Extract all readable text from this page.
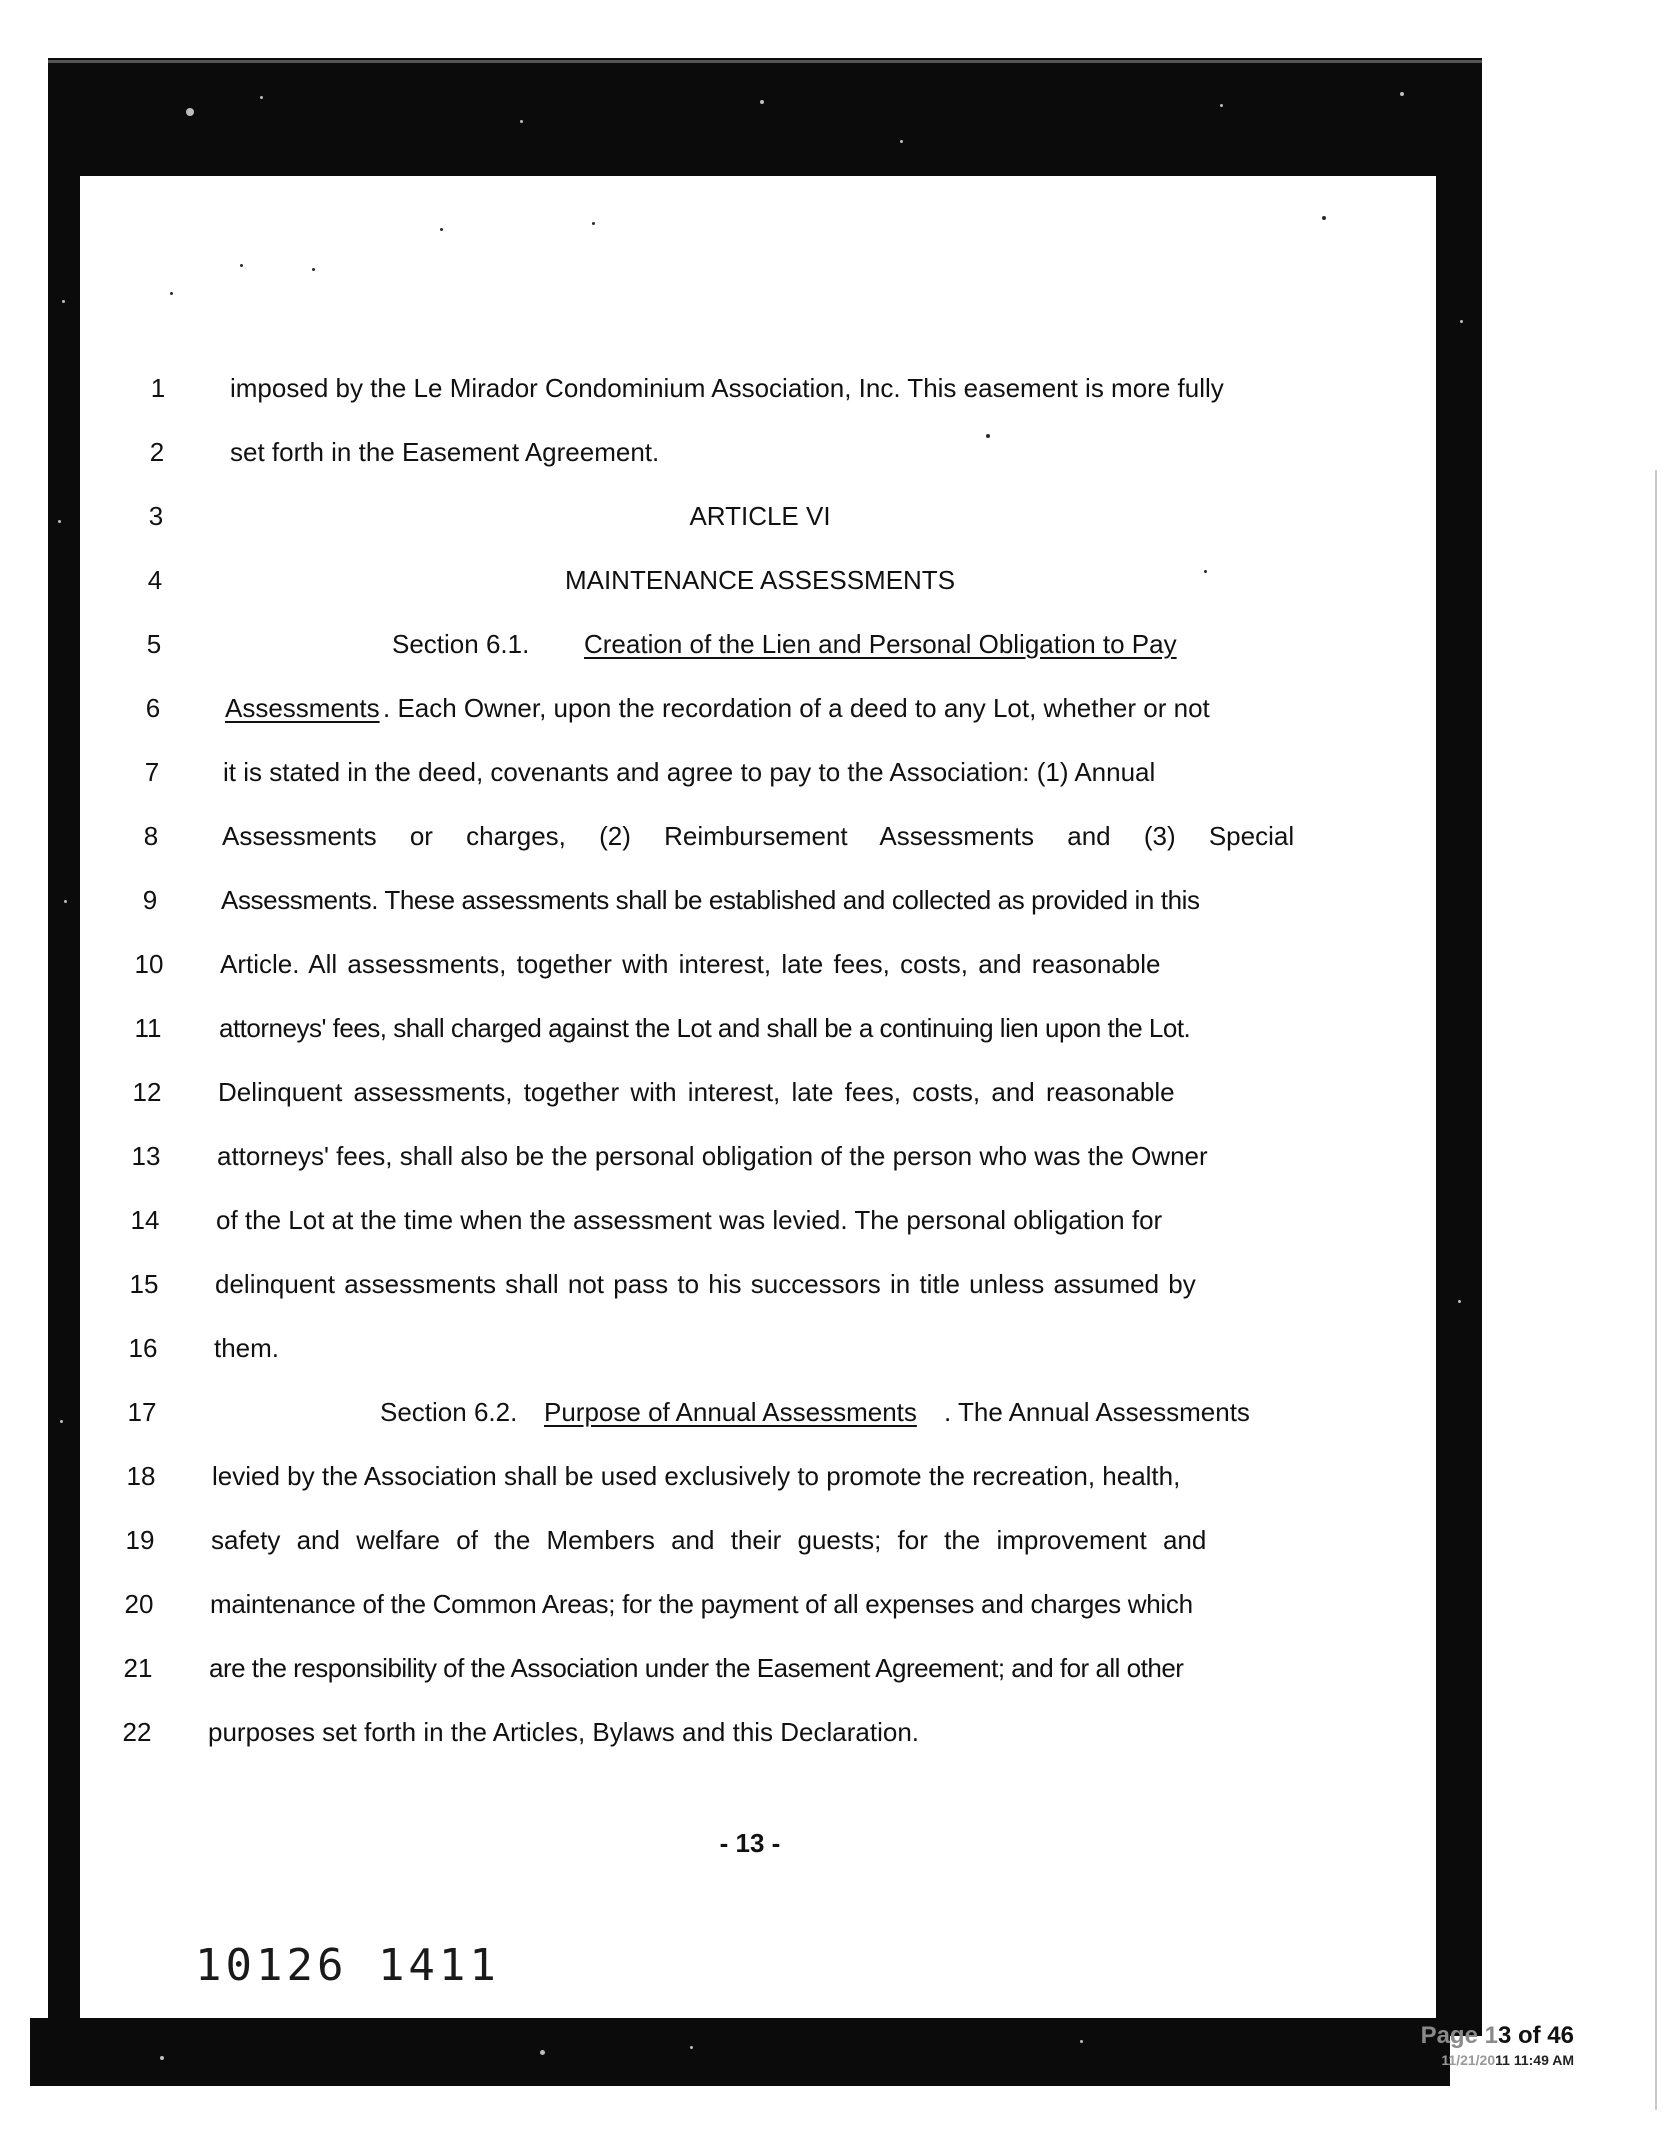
1	imposed by the Le Mirador Condominium Association, Inc. This easement is more fully
2	set forth in the Easement Agreement.
3	ARTICLE VI
4	MAINTENANCE ASSESSMENTS
5	Section 6.1. Creation of the Lien and Personal Obligation to Pay
6	Assessments . Each Owner, upon the recordation of a deed to any Lot, whether or not
7	it is stated in the deed, covenants and agree to pay to the Association: (1) Annual
8	Assessments or charges, (2) Reimbursement Assessments and (3) Special
9	Assessments. These assessments shall be established and collected as provided in this
10	Article. All assessments, together with interest, late fees, costs, and reasonable
11	attorneys' fees, shall charged against the Lot and shall be a continuing lien upon the Lot.
12	Delinquent assessments, together with interest, late fees, costs, and reasonable
13	attorneys' fees, shall also be the personal obligation of the person who was the Owner
14	of the Lot at the time when the assessment was levied. The personal obligation for
15	delinquent assessments shall not pass to his successors in title unless assumed by
16	them.
17	Section 6.2. Purpose of Annual Assessments . The Annual Assessments
18	levied by the Association shall be used exclusively to promote the recreation, health,
19	safety and welfare of the Members and their guests; for the improvement and
20	maintenance of the Common Areas; for the payment of all expenses and charges which
21	are the responsibility of the Association under the Easement Agreement; and for all other
22	purposes set forth in the Articles, Bylaws and this Declaration.
- 13 -
10126 1411
Page 13 of 46
11/21/2011 11:49 AM
